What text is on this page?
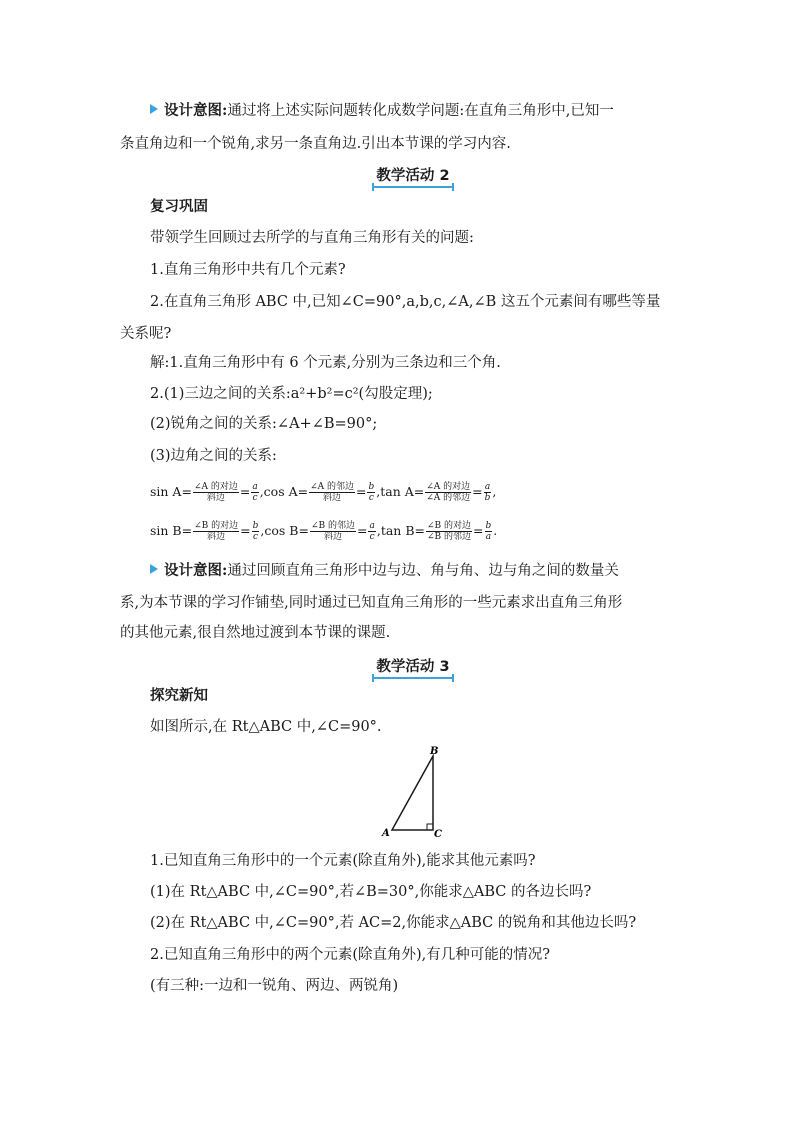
设计意图:通过将上述实际问题转化成数学问题:在直角三角形中,已知一
条直角边和一个锐角,求另一条直角边.引出本节课的学习内容.
教学活动 2
复习巩固
带领学生回顾过去所学的与直角三角形有关的问题:
1.直角三角形中共有几个元素?
2.在直角三角形 ABC 中,已知∠C=90°,a,b,c,∠A,∠B 这五个元素间有哪些等量
关系呢?
解:1.直角三角形中有 6 个元素,分别为三条边和三个角.
2.(1)三边之间的关系:a²+b²=c²(勾股定理);
(2)锐角之间的关系:∠A+∠B=90°;
(3)边角之间的关系:
$\sin A= \frac{\text{∠A 的对边}}{\text{斜边}} = \frac{a}{c} ,\cos$ $A= \frac{\text{∠A 的邻边}}{\text{斜边}} = \frac{b}{c} ,\tan$ $A= \frac{\text{∠A 的对边}}{\text{∠A 的邻边}} = \frac{a}{b}$ ,
$\sin B= \frac{\text{∠B 的对边}}{\text{斜边}} = \frac{b}{c} ,\cos$ $B= \frac{\text{∠B 的邻边}}{\text{斜边}} = \frac{a}{c} ,\tan$ $B= \frac{\text{∠B 的对边}}{\text{∠B 的邻边}} = \frac{b}{a}$ .
设计意图:通过回顾直角三角形中边与边、角与角、边与角之间的数量关
系,为本节课的学习作铺垫,同时通过已知直角三角形的一些元素求出直角三角形
的其他元素,很自然地过渡到本节课的课题.
教学活动 3
探究新知
如图所示,在 Rt△ABC 中,∠C=90°.
B
A	C
1.已知直角三角形中的一个元素(除直角外),能求其他元素吗?
(1)在 Rt△ABC 中,∠C=90°,若∠B=30°,你能求△ABC 的各边长吗?
(2)在 Rt△ABC 中,∠C=90°,若 AC=2,你能求△ABC 的锐角和其他边长吗?
2.已知直角三角形中的两个元素(除直角外),有几种可能的情况?
(有三种:一边和一锐角、两边、两锐角)
